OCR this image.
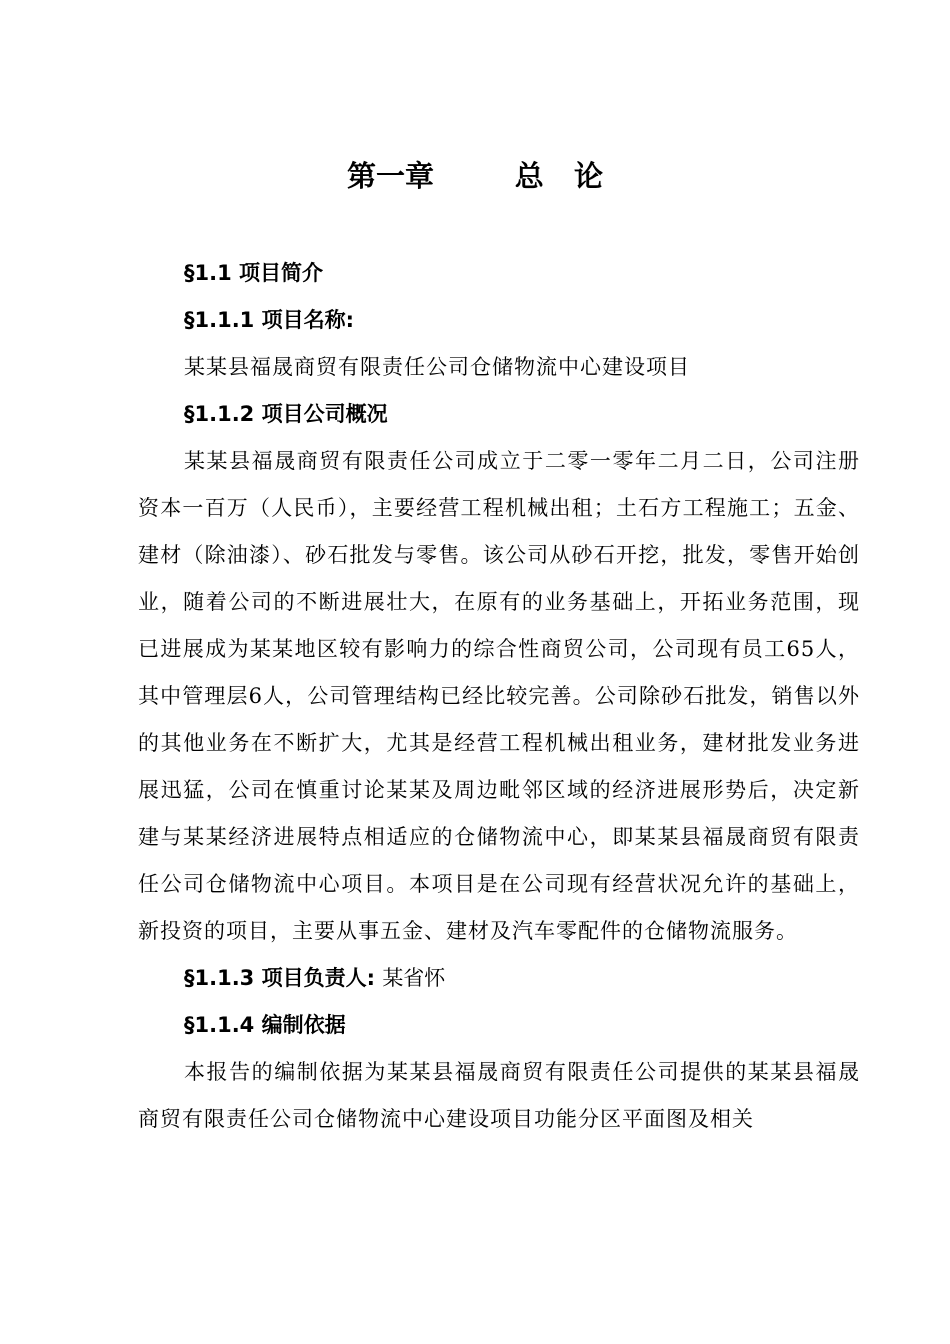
第一章        总   论
§1.1 项目简介
§1.1.1 项目名称:

某某县福晟商贸有限责任公司仓储物流中心建设项目

§1.1.2 项目公司概况

某某县福晟商贸有限责任公司成立于二零一零年二月二日，公司注册资本一百万（人民币），主要经营工程机械出租；土石方工程施工；五金、建材（除油漆）、砂石批发与零售。该公司从砂石开挖，批发，零售开始创业，随着公司的不断进展壮大，在原有的业务基础上，开拓业务范围，现已进展成为某某地区较有影响力的综合性商贸公司，公司现有员工65人，其中管理层6人，公司管理结构已经比较完善。公司除砂石批发，销售以外的其他业务在不断扩大，尤其是经营工程机械出租业务，建材批发业务进展迅猛，公司在慎重讨论某某及周边毗邻区域的经济进展形势后，决定新建与某某经济进展特点相适应的仓储物流中心，即某某县福晟商贸有限责任公司仓储物流中心项目。本项目是在公司现有经营状况允许的基础上，新投资的项目，主要从事五金、建材及汽车零配件的仓储物流服务。

§1.1.3 项目负责人: 某省怀
§1.1.4 编制依据

本报告的编制依据为某某县福晟商贸有限责任公司提供的某某县福晟商贸有限责任公司仓储物流中心建设项目功能分区平面图及相关
